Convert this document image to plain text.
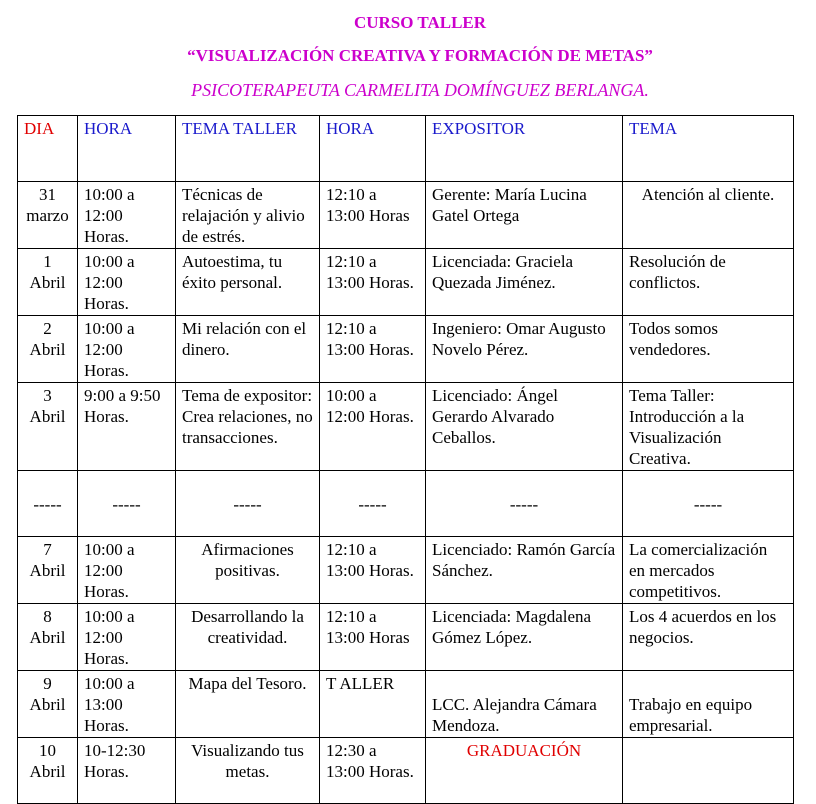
CURSO TALLER
“VISUALIZACIÓN CREATIVA Y FORMACIÓN DE METAS”
PSICOTERAPEUTA CARMELITA DOMÍNGUEZ BERLANGA.
DIA	HORA	TEMA TALLER	HORA	EXPOSITOR	TEMA
31 marzo	10:00 a 12:00 Horas.	Técnicas de relajación y alivio de estrés.	12:10 a 13:00 Horas	Gerente: María Lucina Gatel Ortega	Atención al cliente.
1 Abril	10:00 a 12:00 Horas.	Autoestima, tu éxito personal.	12:10 a 13:00 Horas.	Licenciada: Graciela Quezada Jiménez.	Resolución de conflictos.
2 Abril	10:00 a 12:00 Horas.	Mi relación con el dinero.	12:10 a 13:00 Horas.	Ingeniero: Omar Augusto Novelo Pérez.	Todos somos vendedores.
3 Abril	9:00 a 9:50 Horas.	Tema de expositor: Crea relaciones, no transacciones.	10:00 a 12:00 Horas.	Licenciado: Ángel Gerardo Alvarado Ceballos.	Tema Taller: Introducción a la Visualización Creativa.
-----	-----	-----	-----	-----	-----
7 Abril	10:00 a 12:00 Horas.	Afirmaciones positivas.	12:10 a 13:00 Horas.	Licenciado: Ramón García Sánchez.	La comercialización en mercados competitivos.
8 Abril	10:00 a 12:00 Horas.	Desarrollando la creatividad.	12:10 a 13:00 Horas	Licenciada: Magdalena Gómez López.	Los 4 acuerdos en los negocios.
9 Abril	10:00 a 13:00 Horas.	Mapa del Tesoro.	T ALLER	LCC. Alejandra Cámara Mendoza.	Trabajo en equipo empresarial.
10 Abril	10-12:30 Horas.	Visualizando tus metas.	12:30 a 13:00 Horas.	GRADUACIÓN	
